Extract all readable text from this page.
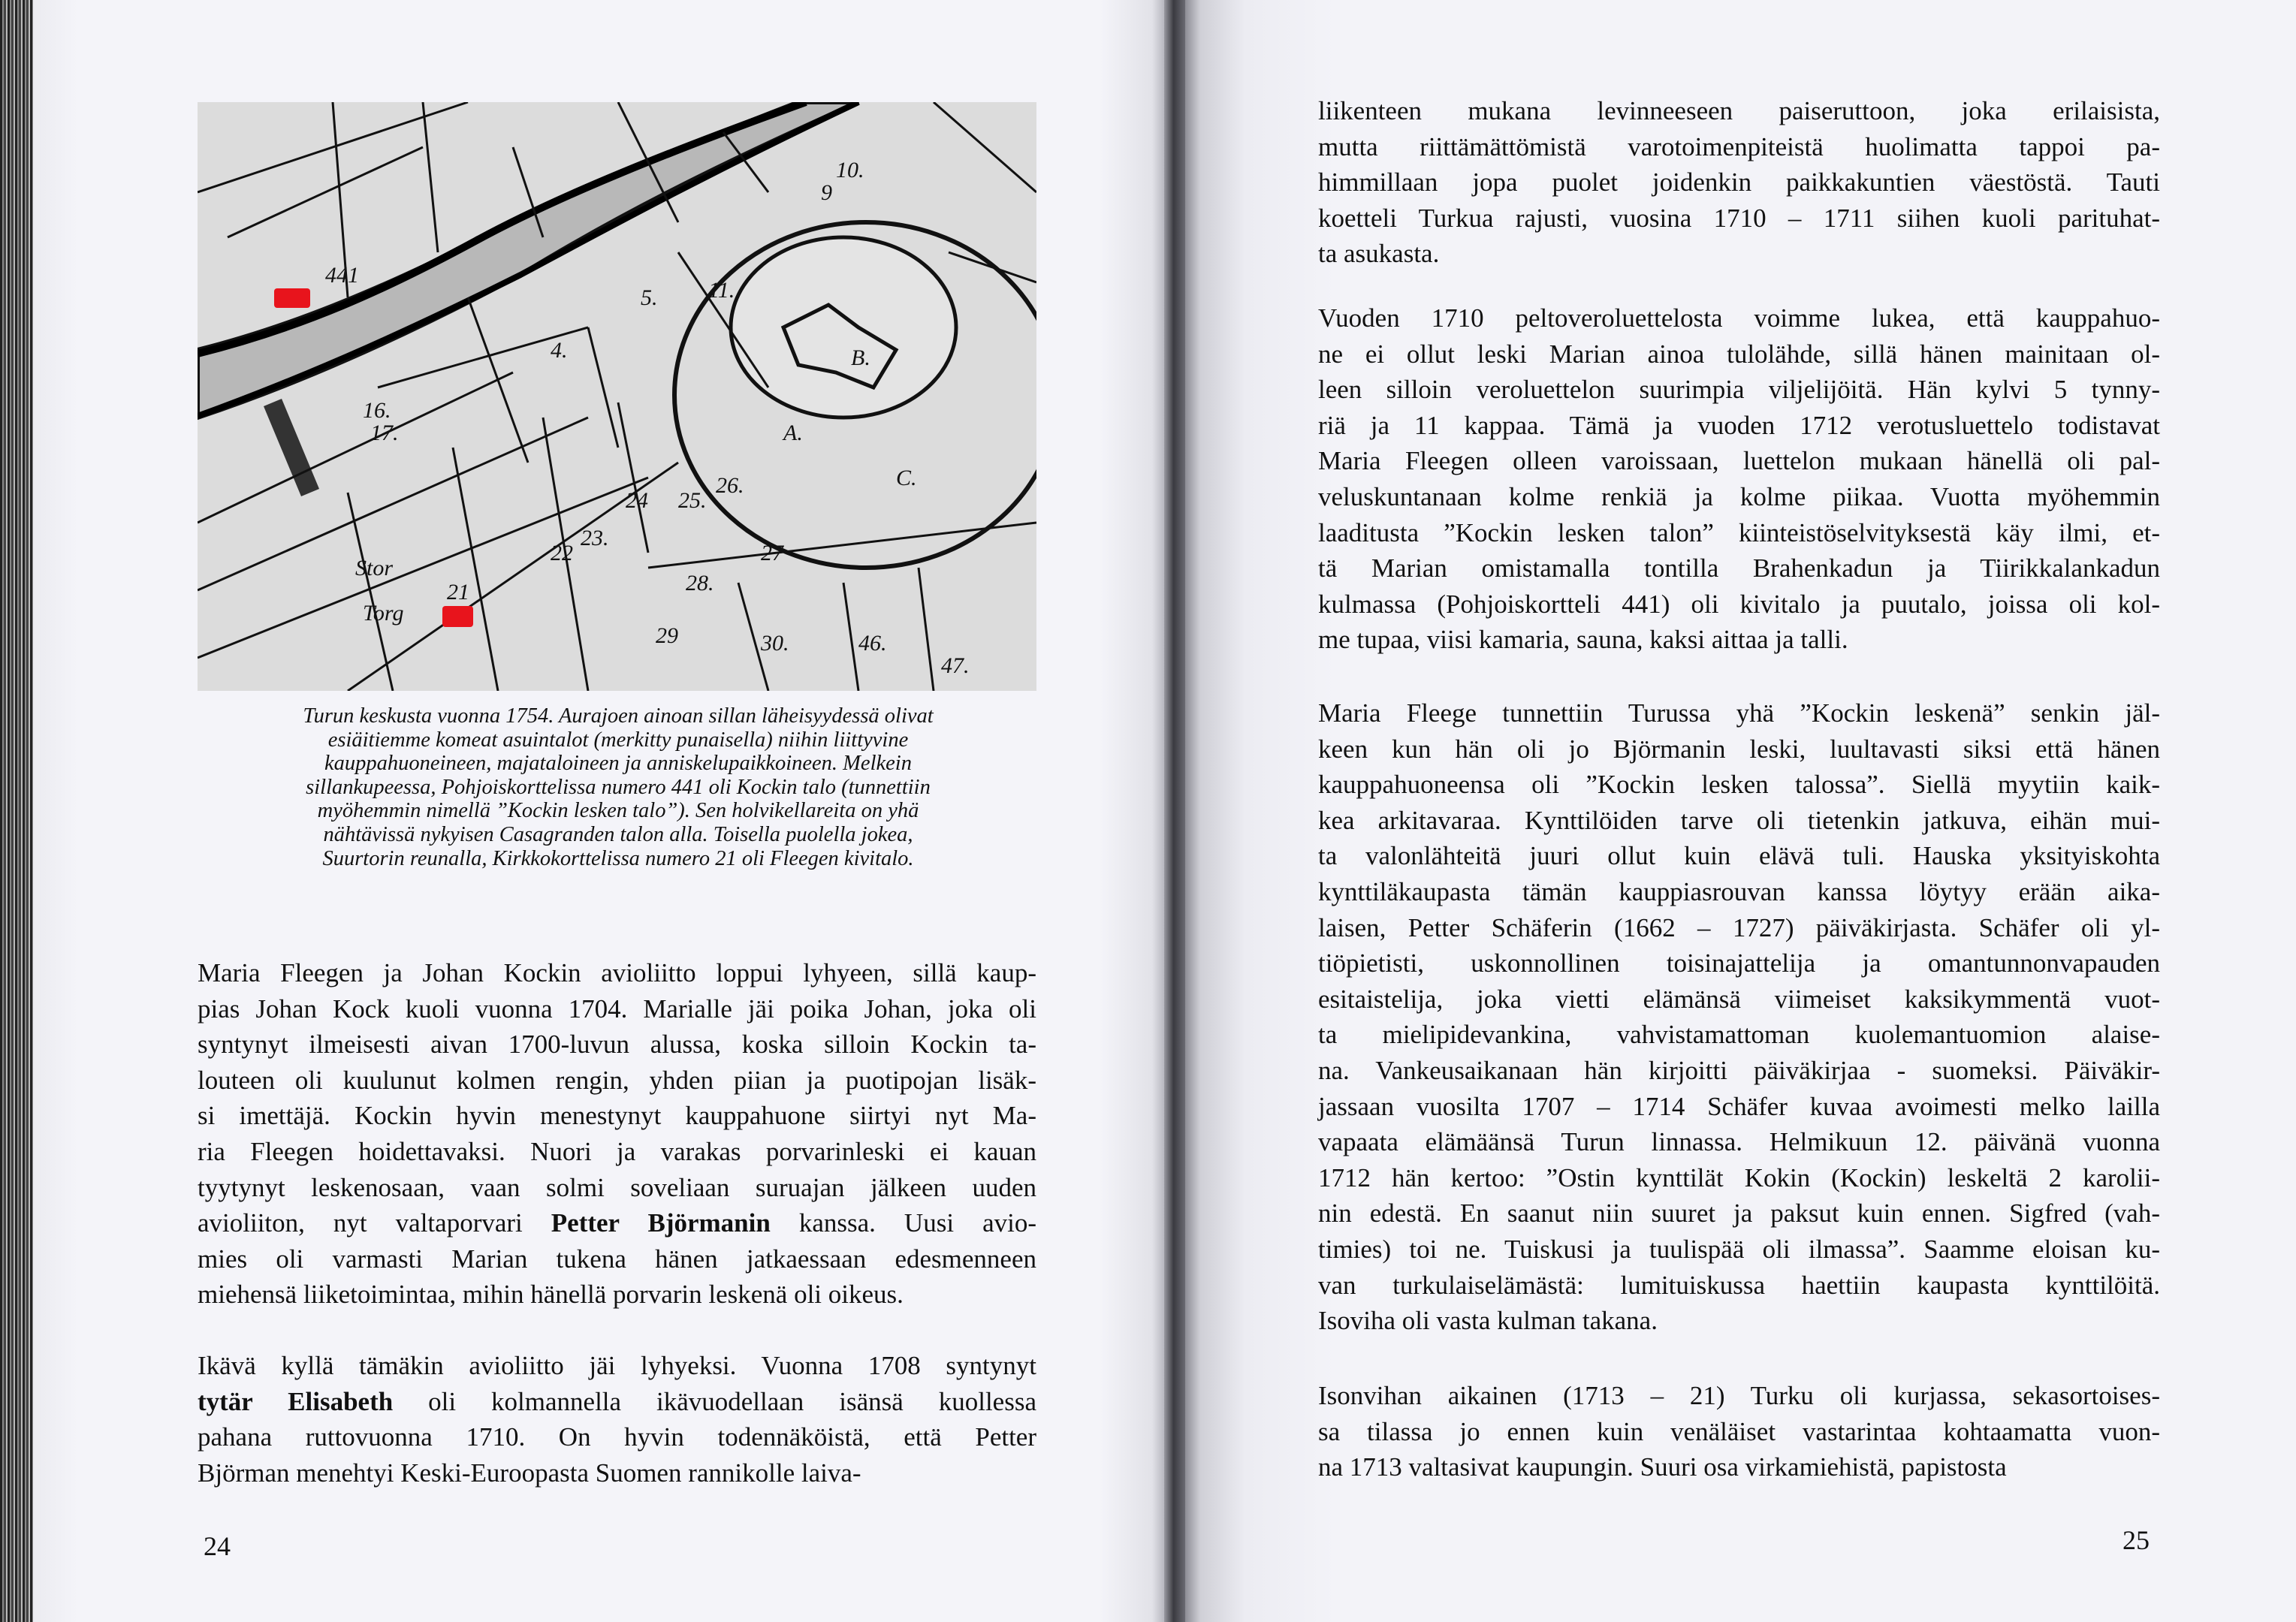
441
21
Stor
Torg
5.
4.
9
10.
11.
16.
17.
22
23.
24 25.
26.
27
28.
29	30.	46.
47.
A.
B.
C.
Turun keskusta vuonna 1754. Aurajoen ainoan sillan läheisyydessä olivat
esiäitiemme komeat asuintalot (merkitty punaisella) niihin liittyvine
kauppahuoneineen, majataloineen ja anniskelupaikkoineen. Melkein
sillankupeessa, Pohjoiskorttelissa numero 441 oli Kockin talo (tunnettiin
myöhemmin nimellä ”Kockin lesken talo”). Sen holvikellareita on yhä
nähtävissä nykyisen Casagranden talon alla. Toisella puolella jokea,
Suurtorin reunalla, Kirkkokorttelissa numero 21 oli Fleegen kivitalo.
Maria Fleegen ja Johan Kockin avioliitto loppui lyhyeen, sillä kaup-
pias Johan Kock kuoli vuonna 1704. Marialle jäi poika Johan, joka oli
syntynyt ilmeisesti aivan 1700-luvun alussa, koska silloin Kockin ta-
louteen oli kuulunut kolmen rengin, yhden piian ja puotipojan lisäk-
si imettäjä. Kockin hyvin menestynyt kauppahuone siirtyi nyt Ma-
ria Fleegen hoidettavaksi. Nuori ja varakas porvarinleski ei kauan
tyytynyt leskenosaan, vaan solmi soveliaan suruajan jälkeen uuden
avioliiton, nyt valtaporvari Petter Björmanin kanssa. Uusi avio-
mies oli varmasti Marian tukena hänen jatkaessaan edesmenneen
miehensä liiketoimintaa, mihin hänellä porvarin leskenä oli oikeus.
Ikävä kyllä tämäkin avioliitto jäi lyhyeksi. Vuonna 1708 syntynyt
tytär Elisabeth oli kolmannella ikävuodellaan isänsä kuollessa
pahana ruttovuonna 1710. On hyvin todennäköistä, että Petter
Björman menehtyi Keski-Euroopasta Suomen rannikolle laiva-
24
liikenteen mukana levinneeseen paiseruttoon, joka erilaisista,
mutta riittämättömistä varotoimenpiteistä huolimatta tappoi pa-
himmillaan jopa puolet joidenkin paikkakuntien väestöstä. Tauti
koetteli Turkua rajusti, vuosina 1710 – 1711 siihen kuoli parituhat-
ta asukasta.
Vuoden 1710 peltoveroluettelosta voimme lukea, että kauppahuo-
ne ei ollut leski Marian ainoa tulolähde, sillä hänen mainitaan ol-
leen silloin veroluettelon suurimpia viljelijöitä. Hän kylvi 5 tynny-
riä ja 11 kappaa. Tämä ja vuoden 1712 verotusluettelo todistavat
Maria Fleegen olleen varoissaan, luettelon mukaan hänellä oli pal-
veluskuntanaan kolme renkiä ja kolme piikaa. Vuotta myöhemmin
laaditusta ”Kockin lesken talon” kiinteistöselvityksestä käy ilmi, et-
tä Marian omistamalla tontilla Brahenkadun ja Tiirikkalankadun
kulmassa (Pohjoiskortteli 441) oli kivitalo ja puutalo, joissa oli kol-
me tupaa, viisi kamaria, sauna, kaksi aittaa ja talli.
Maria Fleege tunnettiin Turussa yhä ”Kockin leskenä” senkin jäl-
keen kun hän oli jo Björmanin leski, luultavasti siksi että hänen
kauppahuoneensa oli ”Kockin lesken talossa”. Siellä myytiin kaik-
kea arkitavaraa. Kynttilöiden tarve oli tietenkin jatkuva, eihän mui-
ta valonlähteitä juuri ollut kuin elävä tuli. Hauska yksityiskohta
kynttiläkaupasta tämän kauppiasrouvan kanssa löytyy erään aika-
laisen, Petter Schäferin (1662 – 1727) päiväkirjasta. Schäfer oli yl-
tiöpietisti, uskonnollinen toisinajattelija ja omantunnonvapauden
esitaistelija, joka vietti elämänsä viimeiset kaksikymmentä vuot-
ta mielipidevankina, vahvistamattoman kuolemantuomion alaise-
na. Vankeusaikanaan hän kirjoitti päiväkirjaa - suomeksi. Päiväkir-
jassaan vuosilta 1707 – 1714 Schäfer kuvaa avoimesti melko lailla
vapaata elämäänsä Turun linnassa. Helmikuun 12. päivänä vuonna
1712 hän kertoo: ”Ostin kynttilät Kokin (Kockin) leskeltä 2 karolii-
nin edestä. En saanut niin suuret ja paksut kuin ennen. Sigfred (vah-
timies) toi ne. Tuiskusi ja tuulispää oli ilmassa”. Saamme eloisan ku-
van turkulaiselämästä: lumituiskussa haettiin kaupasta kynttilöitä.
Isoviha oli vasta kulman takana.
Isonvihan aikainen (1713 – 21) Turku oli kurjassa, sekasortoises-
sa tilassa jo ennen kuin venäläiset vastarintaa kohtaamatta vuon-
na 1713 valtasivat kaupungin. Suuri osa virkamiehistä, papistosta
25
